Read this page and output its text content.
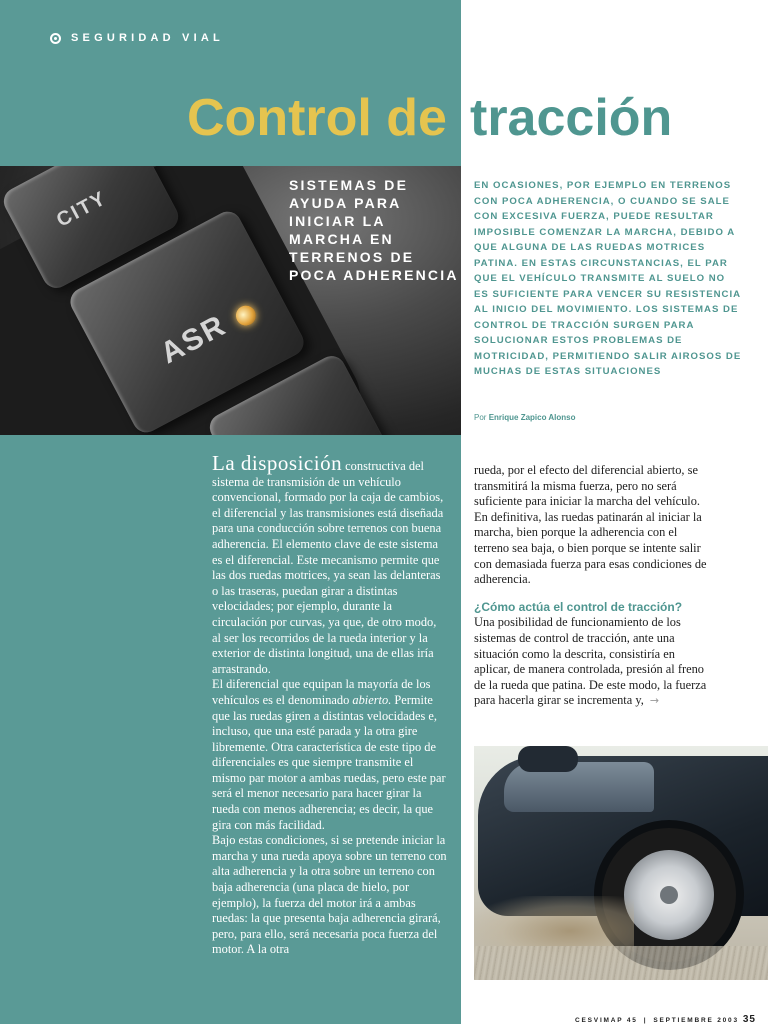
SEGURIDAD VIAL
Control de tracción
CITY
ASR
SISTEMAS DE AYUDA PARA INICIAR LA MARCHA EN TERRENOS DE POCA ADHERENCIA
EN OCASIONES, POR EJEMPLO EN TERRENOS CON POCA ADHERENCIA, O CUANDO SE SALE CON EXCESIVA FUERZA, PUEDE RESULTAR IMPOSIBLE COMENZAR LA MARCHA, DEBIDO A QUE ALGUNA DE LAS RUEDAS MOTRICES PATINA. EN ESTAS CIRCUNSTANCIAS, EL PAR QUE EL VEHÍCULO TRANSMITE AL SUELO NO ES SUFICIENTE PARA VENCER SU RESISTENCIA AL INICIO DEL MOVIMIENTO. LOS SISTEMAS DE CONTROL DE TRACCIÓN SURGEN PARA SOLUCIONAR ESTOS PROBLEMAS DE MOTRICIDAD, PERMITIENDO SALIR AIROSOS DE MUCHAS DE ESTAS SITUACIONES
Por Enrique Zapico Alonso

La disposición constructiva del sistema de transmisión de un vehículo convencional, formado por la caja de cambios, el diferencial y las transmisiones está diseñada para una conducción sobre terrenos con buena adherencia. El elemento clave de este sistema es el diferencial. Este mecanismo permite que las dos ruedas motrices, ya sean las delanteras o las traseras, puedan girar a distintas velocidades; por ejemplo, durante la circulación por curvas, ya que, de otro modo, al ser los recorridos de la rueda interior y la exterior de distinta longitud, una de ellas iría arrastrando.

El diferencial que equipan la mayoría de los vehículos es el denominado abierto. Permite que las ruedas giren a distintas velocidades e, incluso, que una esté parada y la otra gire libremente. Otra característica de este tipo de diferenciales es que siempre transmite el mismo par motor a ambas ruedas, pero este par será el menor necesario para hacer girar la rueda con menos adherencia; es decir, la que gira con más facilidad.

Bajo estas condiciones, si se pretende iniciar la marcha y una rueda apoya sobre un terreno con alta adherencia y la otra sobre un terreno con baja adherencia (una placa de hielo, por ejemplo), la fuerza del motor irá a ambas ruedas: la que presenta baja adherencia girará, pero, para ello, será necesaria poca fuerza del motor. A la otra

rueda, por el efecto del diferencial abierto, se transmitirá la misma fuerza, pero no será suficiente para iniciar la marcha del vehículo. En definitiva, las ruedas patinarán al iniciar la marcha, bien porque la adherencia con el terreno sea baja, o bien porque se intente salir con demasiada fuerza para esas condiciones de adherencia.

¿Cómo actúa el control de tracción?

Una posibilidad de funcionamiento de los sistemas de control de tracción, ante una situación como la descrita, consistiría en aplicar, de manera controlada, presión al freno de la rueda que patina. De este modo, la fuerza para hacerla girar se incrementa y, →

CESVIMAP 45 | SEPTIEMBRE 2003 35
